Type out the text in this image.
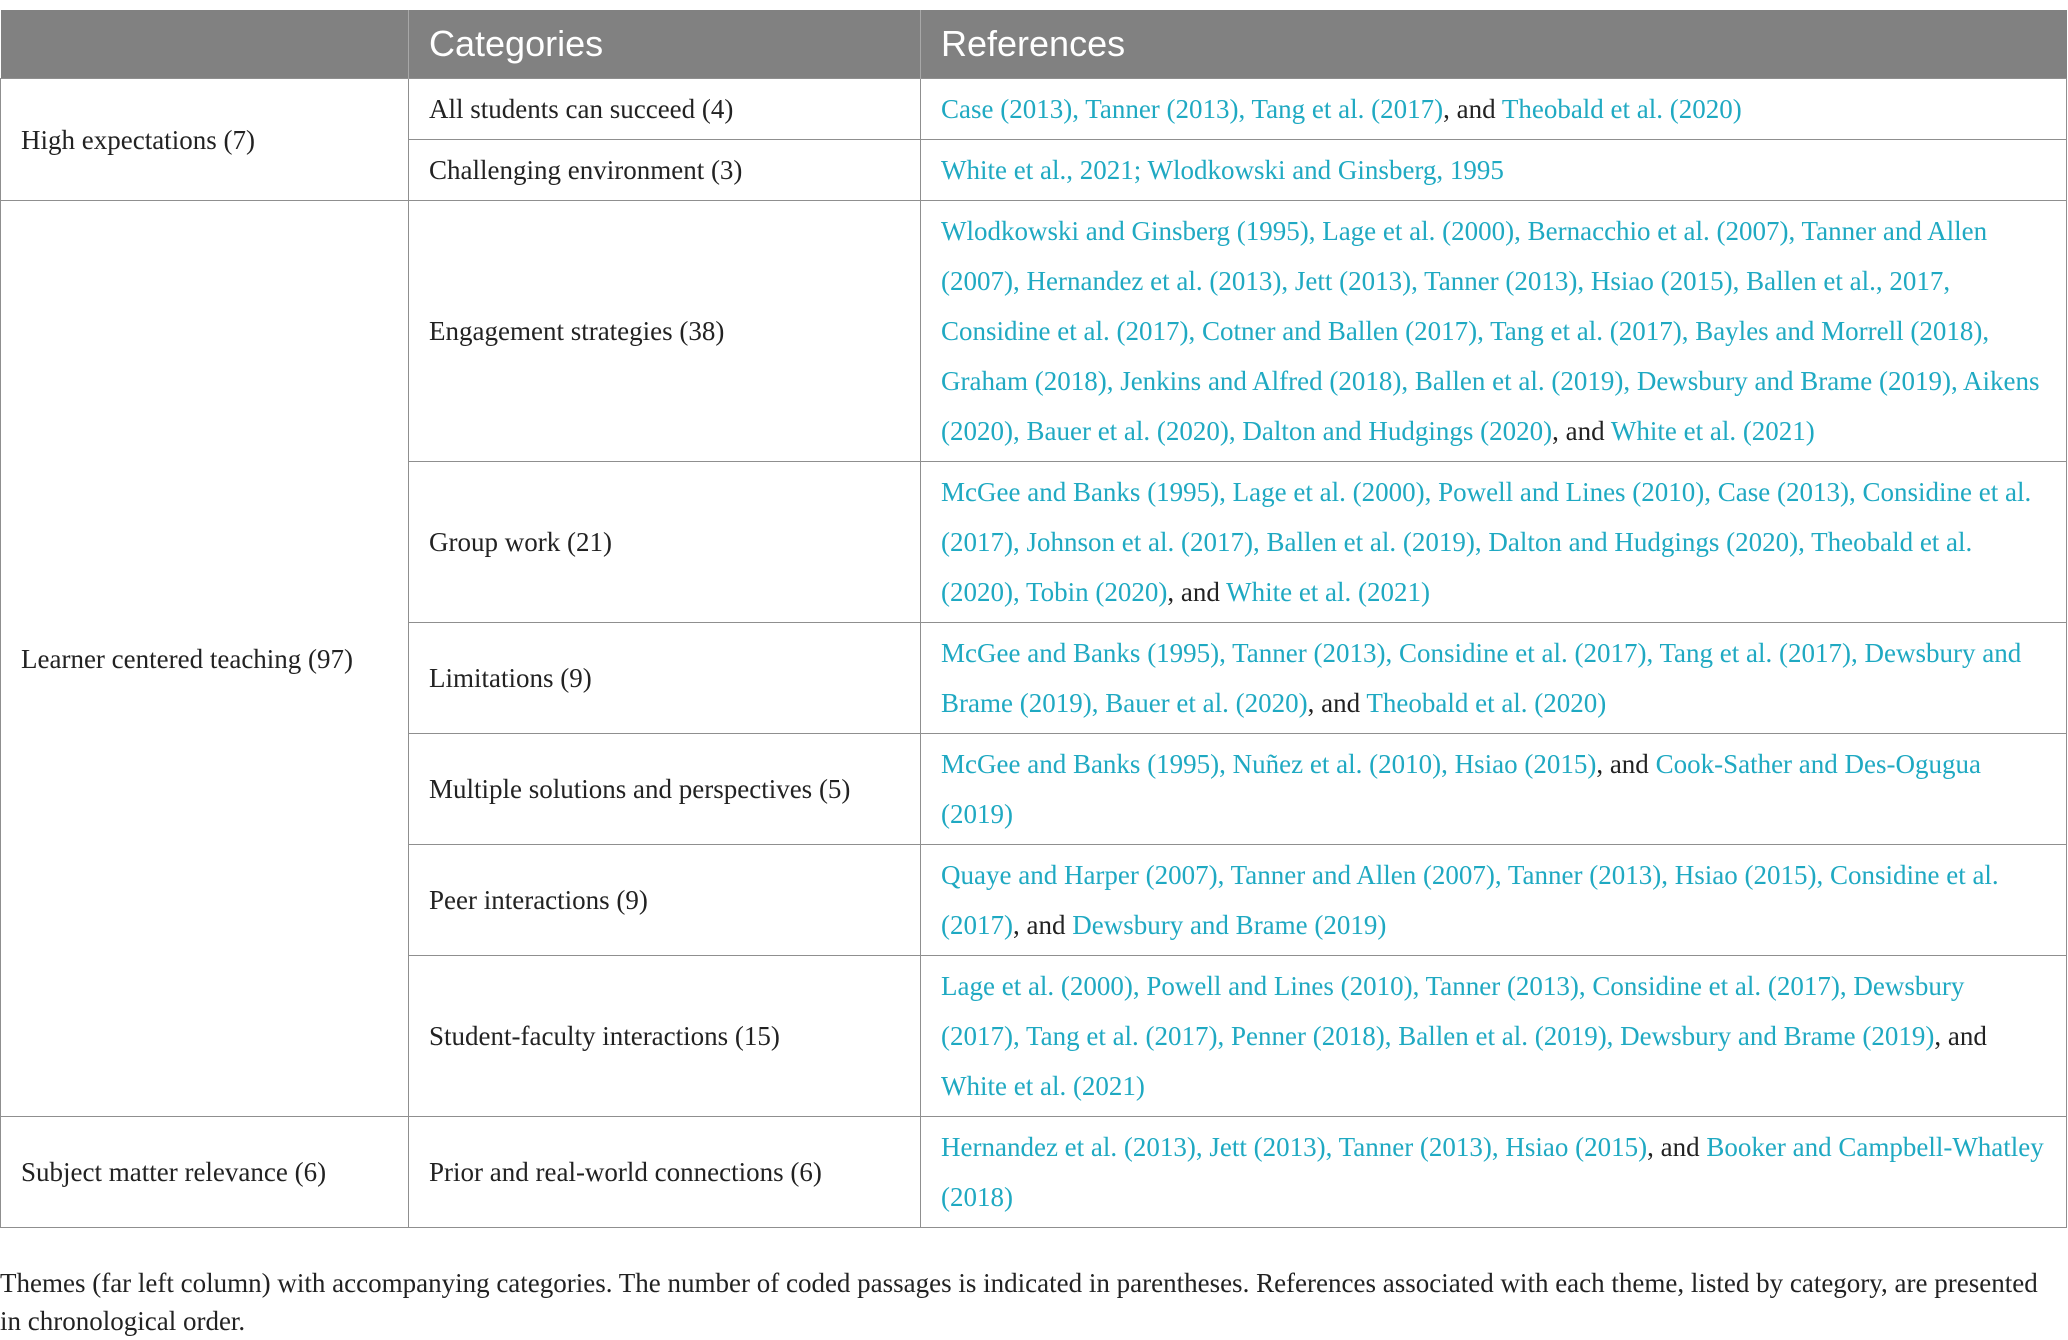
	Categories	References
High expectations (7)	All students can succeed (4)	Case (2013), Tanner (2013), Tang et al. (2017), and Theobald et al. (2020)
	Challenging environment (3)	White et al., 2021; Wlodkowski and Ginsberg, 1995
Learner centered teaching (97)	Engagement strategies (38)	Wlodkowski and Ginsberg (1995), Lage et al. (2000), Bernacchio et al. (2007), Tanner and Allen (2007), Hernandez et al. (2013), Jett (2013), Tanner (2013), Hsiao (2015), Ballen et al., 2017, Considine et al. (2017), Cotner and Ballen (2017), Tang et al. (2017), Bayles and Morrell (2018), Graham (2018), Jenkins and Alfred (2018), Ballen et al. (2019), Dewsbury and Brame (2019), Aikens (2020), Bauer et al. (2020), Dalton and Hudgings (2020), and White et al. (2021)
	Group work (21)	McGee and Banks (1995), Lage et al. (2000), Powell and Lines (2010), Case (2013), Considine et al. (2017), Johnson et al. (2017), Ballen et al. (2019), Dalton and Hudgings (2020), Theobald et al. (2020), Tobin (2020), and White et al. (2021)
	Limitations (9)	McGee and Banks (1995), Tanner (2013), Considine et al. (2017), Tang et al. (2017), Dewsbury and Brame (2019), Bauer et al. (2020), and Theobald et al. (2020)
	Multiple solutions and perspectives (5)	McGee and Banks (1995), Nuñez et al. (2010), Hsiao (2015), and Cook-Sather and Des-Ogugua (2019)
	Peer interactions (9)	Quaye and Harper (2007), Tanner and Allen (2007), Tanner (2013), Hsiao (2015), Considine et al. (2017), and Dewsbury and Brame (2019)
	Student-faculty interactions (15)	Lage et al. (2000), Powell and Lines (2010), Tanner (2013), Considine et al. (2017), Dewsbury (2017), Tang et al. (2017), Penner (2018), Ballen et al. (2019), Dewsbury and Brame (2019), and White et al. (2021)
Subject matter relevance (6)	Prior and real-world connections (6)	Hernandez et al. (2013), Jett (2013), Tanner (2013), Hsiao (2015), and Booker and Campbell-Whatley (2018)

Themes (far left column) with accompanying categories. The number of coded passages is indicated in parentheses. References associated with each theme, listed by category, are presented in chronological order.
